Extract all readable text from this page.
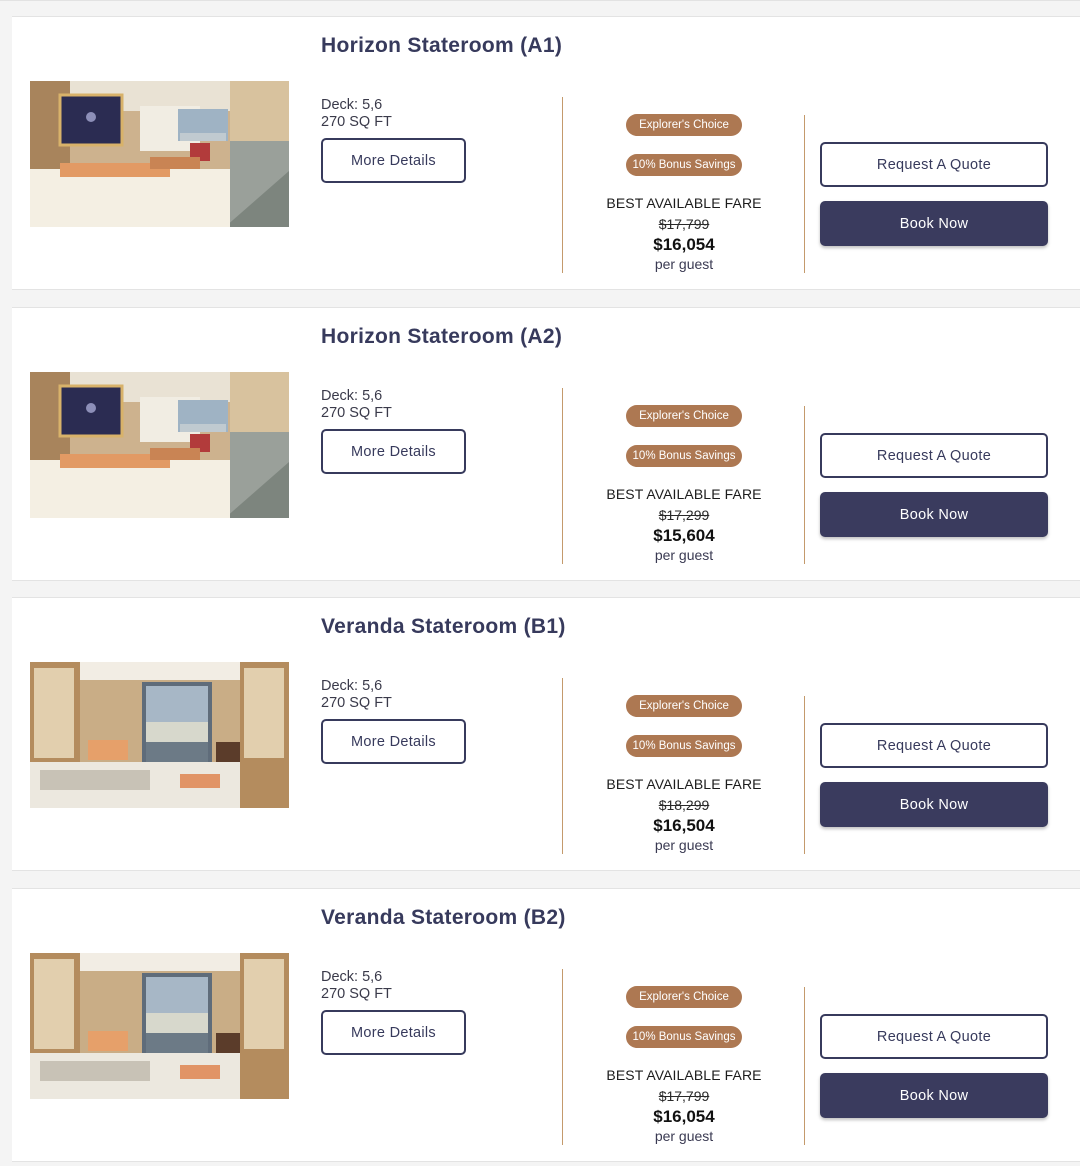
Horizon Stateroom (A1)
Deck: 5,6
270 SQ FT
More Details
Explorer's Choice
10% Bonus Savings
BEST AVAILABLE FARE
$17,799
$16,054
per guest
Request A Quote
Book Now
Horizon Stateroom (A2)
Deck: 5,6
270 SQ FT
More Details
Explorer's Choice
10% Bonus Savings
BEST AVAILABLE FARE
$17,299
$15,604
per guest
Request A Quote
Book Now
Veranda Stateroom (B1)
Deck: 5,6
270 SQ FT
More Details
Explorer's Choice
10% Bonus Savings
BEST AVAILABLE FARE
$18,299
$16,504
per guest
Request A Quote
Book Now
Veranda Stateroom (B2)
Deck: 5,6
270 SQ FT
More Details
Explorer's Choice
10% Bonus Savings
BEST AVAILABLE FARE
$17,799
$16,054
per guest
Request A Quote
Book Now
